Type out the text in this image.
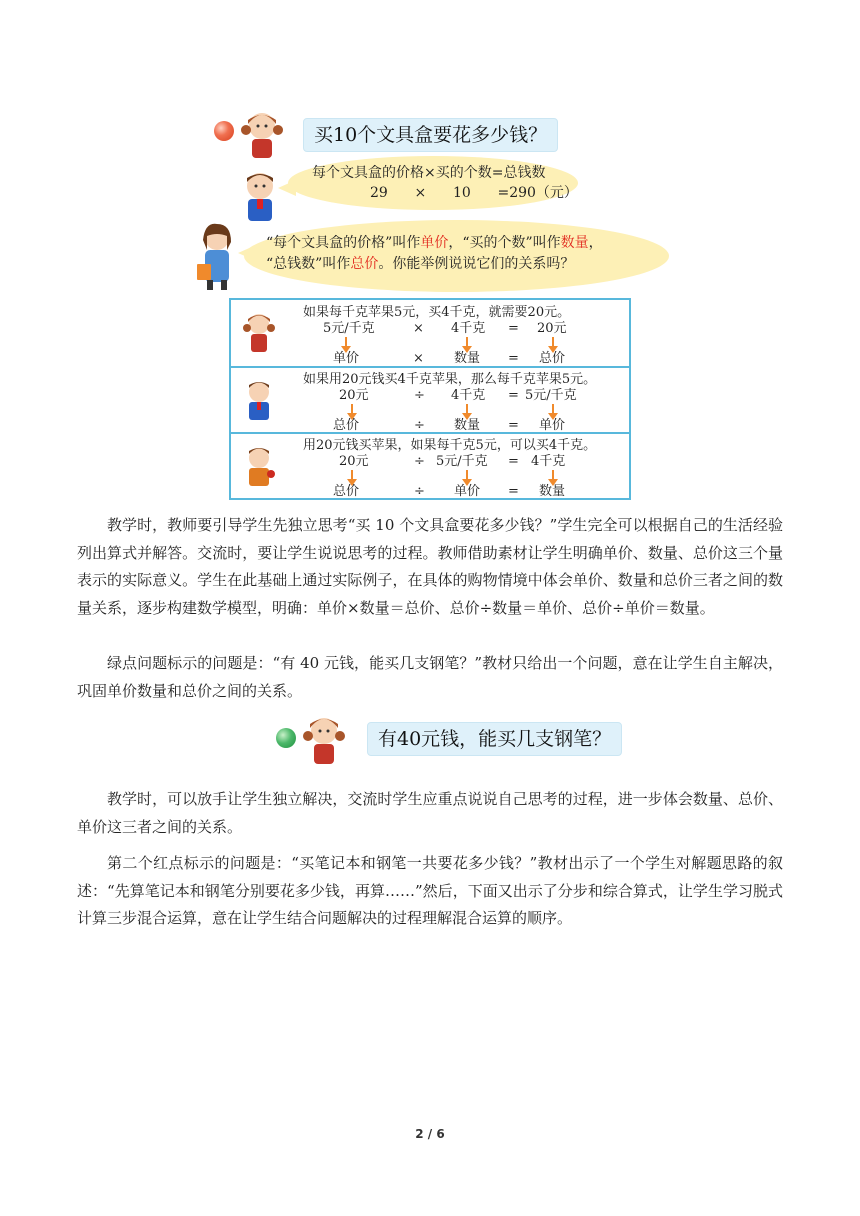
买10个文具盒要花多少钱？
每个文具盒的价格×买的个数=总钱数
29      ×      10      =290（元）
“每个文具盒的价格”叫作单价，“买的个数”叫作数量，
“总钱数”叫作总价。你能举例说说它们的关系吗？
如果每千克苹果5元，买4千克，就需要20元。
5元/千克	× 4千克 = 20元
单价	× 数量 = 总价
如果用20元钱买4千克苹果，那么每千克苹果5元。
20元	÷ 4千克 = 5元/千克
总价	÷ 数量 = 单价
用20元钱买苹果，如果每千克5元，可以买4千克。
20元	÷ 5元/千克 = 4千克
总价	÷ 单价 = 数量
教学时，教师要引导学生先独立思考“买 10 个文具盒要花多少钱？”学生完全可以根据自己的生活经验列出算式并解答。交流时，要让学生说说思考的过程。教师借助素材让学生明确单价、数量、总价这三个量表示的实际意义。学生在此基础上通过实际例子，在具体的购物情境中体会单价、数量和总价三者之间的数量关系，逐步构建数学模型，明确：单价×数量＝总价、总价÷数量＝单价、总价÷单价＝数量。
绿点问题标示的问题是：“有 40 元钱，能买几支钢笔？”教材只给出一个问题，意在让学生自主解决，巩固单价数量和总价之间的关系。
有40元钱，能买几支钢笔？
教学时，可以放手让学生独立解决，交流时学生应重点说说自己思考的过程，进一步体会数量、总价、单价这三者之间的关系。
第二个红点标示的问题是：“买笔记本和钢笔一共要花多少钱？”教材出示了一个学生对解题思路的叙述：“先算笔记本和钢笔分别要花多少钱，再算……”然后，下面又出示了分步和综合算式，让学生学习脱式计算三步混合运算，意在让学生结合问题解决的过程理解混合运算的顺序。
2 / 6
